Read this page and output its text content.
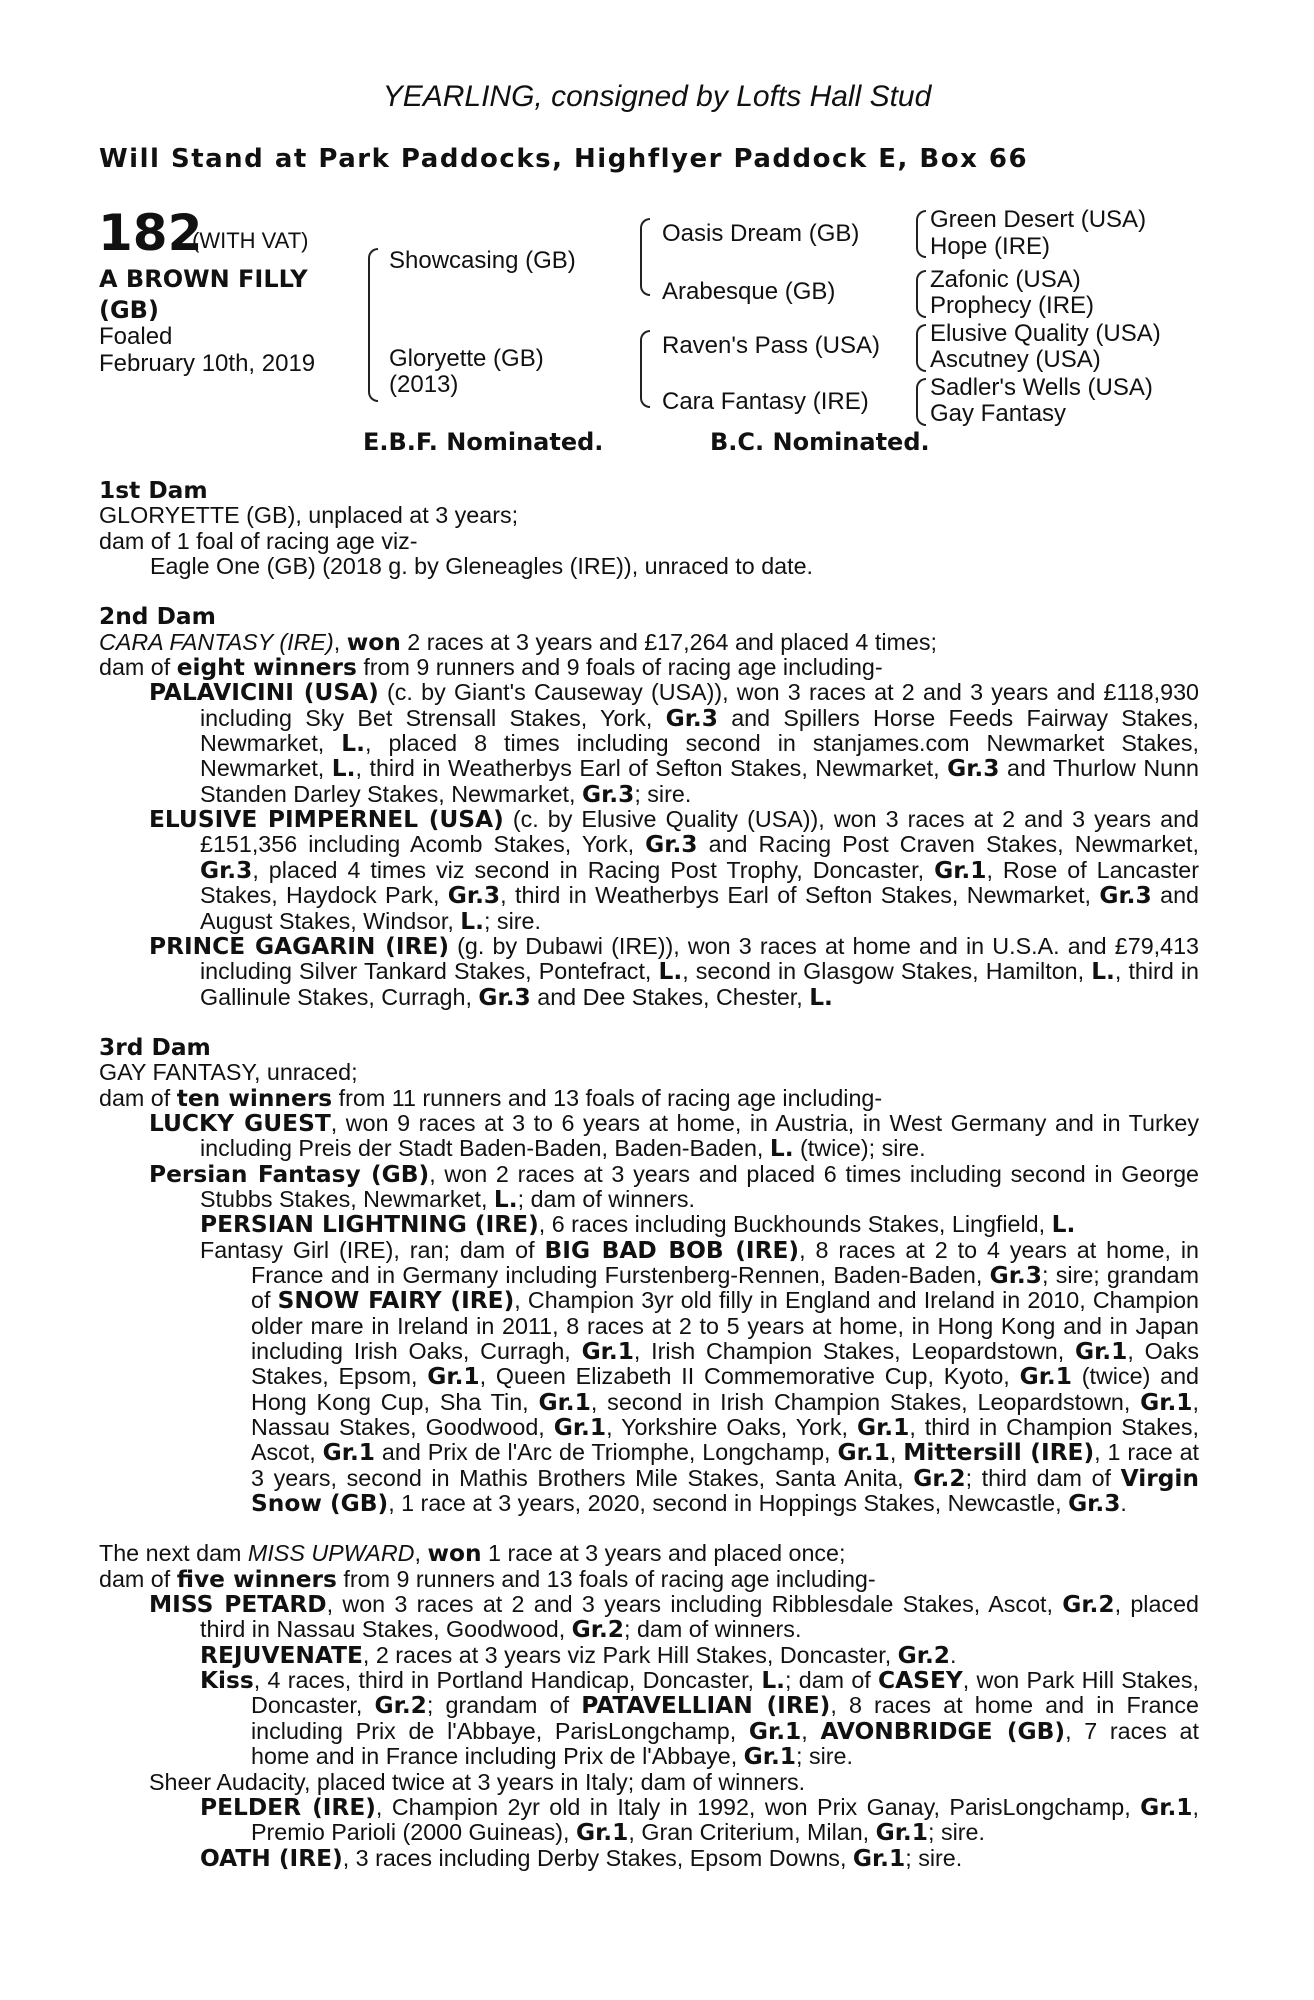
YEARLING, consigned by Lofts Hall Stud
Will Stand at Park Paddocks, Highflyer Paddock E, Box 66
182
(WITH VAT)
A BROWN FILLY (GB)
Foaled
February 10th, 2019
Showcasing (GB)
Gloryette (GB)
(2013)
Oasis Dream (GB)
Arabesque (GB)
Raven's Pass (USA)
Cara Fantasy (IRE)
Green Desert (USA)
Hope (IRE)
Zafonic (USA)
Prophecy (IRE)
Elusive Quality (USA)
Ascutney (USA)
Sadler's Wells (USA)
Gay Fantasy
E.B.F. Nominated.	B.C. Nominated.

1st Dam

GLORYETTE (GB), unplaced at 3 years;

dam of 1 foal of racing age viz-

Eagle One (GB) (2018 g. by Gleneagles (IRE)), unraced to date.

2nd Dam

CARA FANTASY (IRE), won 2 races at 3 years and £17,264 and placed 4 times;

dam of eight winners from 9 runners and 9 foals of racing age including-

PALAVICINI (USA) (c. by Giant's Causeway (USA)), won 3 races at 2 and 3 years and £118,930 including Sky Bet Strensall Stakes, York, Gr.3 and Spillers Horse Feeds Fairway Stakes, Newmarket, L., placed 8 times including second in stanjames.com Newmarket Stakes, Newmarket, L., third in Weatherbys Earl of Sefton Stakes, Newmarket, Gr.3 and Thurlow Nunn Standen Darley Stakes, Newmarket, Gr.3; sire.

ELUSIVE PIMPERNEL (USA) (c. by Elusive Quality (USA)), won 3 races at 2 and 3 years and £151,356 including Acomb Stakes, York, Gr.3 and Racing Post Craven Stakes, Newmarket, Gr.3, placed 4 times viz second in Racing Post Trophy, Doncaster, Gr.1, Rose of Lancaster Stakes, Haydock Park, Gr.3, third in Weatherbys Earl of Sefton Stakes, Newmarket, Gr.3 and August Stakes, Windsor, L.; sire.

PRINCE GAGARIN (IRE) (g. by Dubawi (IRE)), won 3 races at home and in U.S.A. and £79,413 including Silver Tankard Stakes, Pontefract, L., second in Glasgow Stakes, Hamilton, L., third in Gallinule Stakes, Curragh, Gr.3 and Dee Stakes, Chester, L.

3rd Dam

GAY FANTASY, unraced;

dam of ten winners from 11 runners and 13 foals of racing age including-

LUCKY GUEST, won 9 races at 3 to 6 years at home, in Austria, in West Germany and in Turkey including Preis der Stadt Baden-Baden, Baden-Baden, L. (twice); sire.

Persian Fantasy (GB), won 2 races at 3 years and placed 6 times including second in George Stubbs Stakes, Newmarket, L.; dam of winners.

PERSIAN LIGHTNING (IRE), 6 races including Buckhounds Stakes, Lingfield, L.

Fantasy Girl (IRE), ran; dam of BIG BAD BOB (IRE), 8 races at 2 to 4 years at home, in France and in Germany including Furstenberg-Rennen, Baden-Baden, Gr.3; sire; grandam of SNOW FAIRY (IRE), Champion 3yr old filly in England and Ireland in 2010, Champion older mare in Ireland in 2011, 8 races at 2 to 5 years at home, in Hong Kong and in Japan including Irish Oaks, Curragh, Gr.1, Irish Champion Stakes, Leopardstown, Gr.1, Oaks Stakes, Epsom, Gr.1, Queen Elizabeth II Commemorative Cup, Kyoto, Gr.1 (twice) and Hong Kong Cup, Sha Tin, Gr.1, second in Irish Champion Stakes, Leopardstown, Gr.1, Nassau Stakes, Goodwood, Gr.1, Yorkshire Oaks, York, Gr.1, third in Champion Stakes, Ascot, Gr.1 and Prix de l'Arc de Triomphe, Longchamp, Gr.1, Mittersill (IRE), 1 race at 3 years, second in Mathis Brothers Mile Stakes, Santa Anita, Gr.2; third dam of Virgin Snow (GB), 1 race at 3 years, 2020, second in Hoppings Stakes, Newcastle, Gr.3.

The next dam MISS UPWARD, won 1 race at 3 years and placed once;

dam of five winners from 9 runners and 13 foals of racing age including-

MISS PETARD, won 3 races at 2 and 3 years including Ribblesdale Stakes, Ascot, Gr.2, placed third in Nassau Stakes, Goodwood, Gr.2; dam of winners.

REJUVENATE, 2 races at 3 years viz Park Hill Stakes, Doncaster, Gr.2.

Kiss, 4 races, third in Portland Handicap, Doncaster, L.; dam of CASEY, won Park Hill Stakes, Doncaster, Gr.2; grandam of PATAVELLIAN (IRE), 8 races at home and in France including Prix de l'Abbaye, ParisLongchamp, Gr.1, AVONBRIDGE (GB), 7 races at home and in France including Prix de l'Abbaye, Gr.1; sire.

Sheer Audacity, placed twice at 3 years in Italy; dam of winners.

PELDER (IRE), Champion 2yr old in Italy in 1992, won Prix Ganay, ParisLongchamp, Gr.1, Premio Parioli (2000 Guineas), Gr.1, Gran Criterium, Milan, Gr.1; sire.

OATH (IRE), 3 races including Derby Stakes, Epsom Downs, Gr.1; sire.
